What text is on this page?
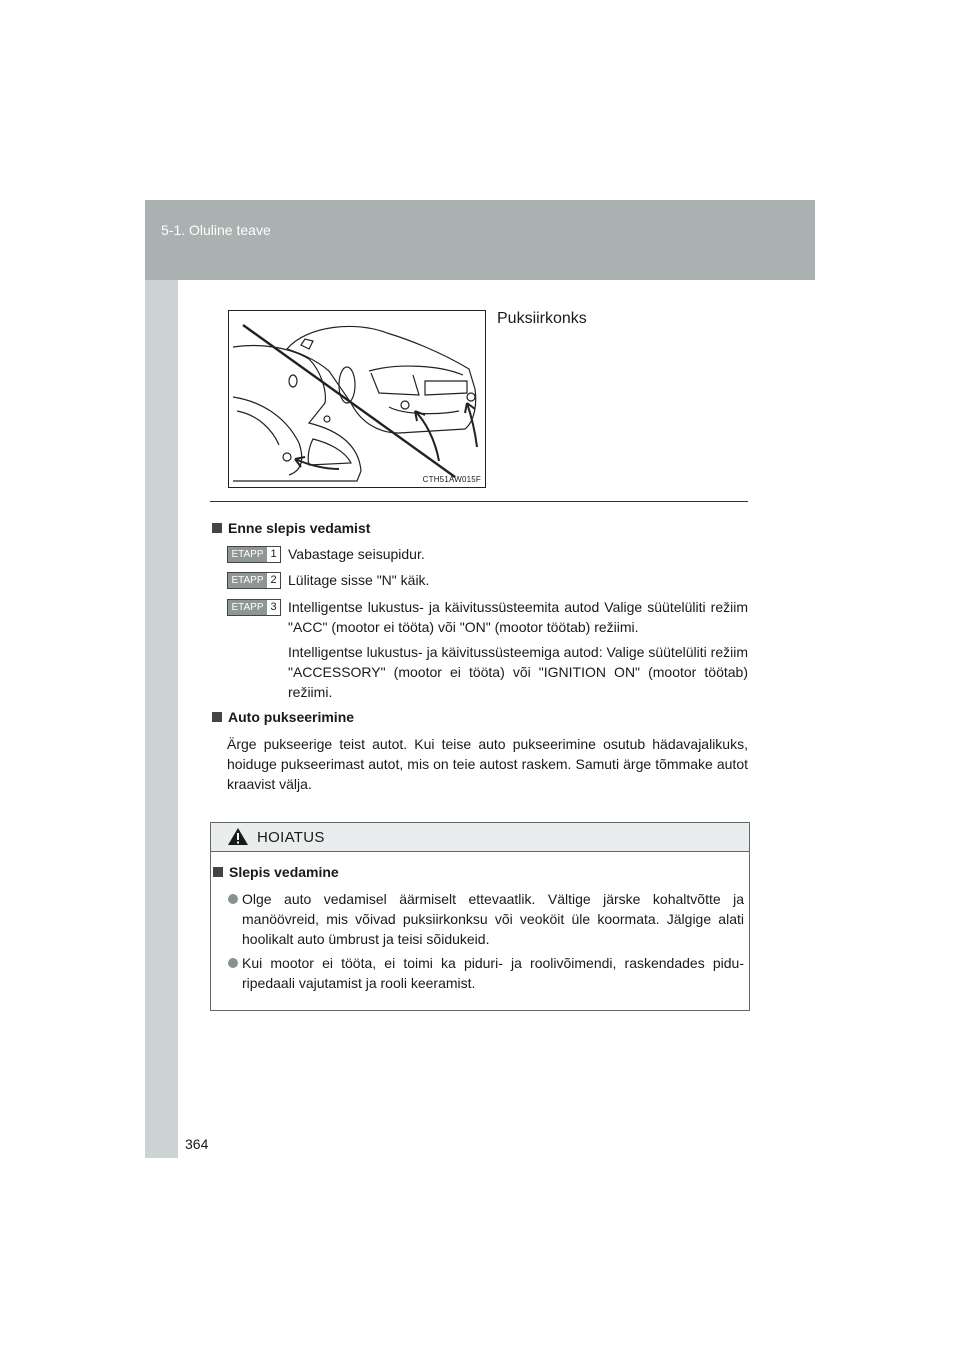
5-1. Oluline teave
364
CTH51AW015F
Puksiirkonks
Enne slepis vedamist
ETAPP 1 Vabastage seisupidur.
ETAPP 2 Lülitage sisse "N" käik.
ETAPP 3 Intelligentse lukustus- ja käivitussüsteemita autod Valige süütelüliti režiim "ACC" (mootor ei tööta) või "ON" (mootor töötab) režiimi.
Intelligentse lukustus- ja käivitussüsteemiga autod: Valige süütelüliti režiim "ACCESSORY" (mootor ei tööta) või "IGNITION ON" (mootor töötab) režiimi.
Auto pukseerimine
Ärge pukseerige teist autot. Kui teise auto pukseerimine osutub hädavajalikuks, hoiduge pukseerimast autot, mis on teie autost raskem. Samuti ärge tõmmake autot kraavist välja.
HOIATUS
Slepis vedamine
Olge auto vedamisel äärmiselt ettevaatlik. Vältige järske kohaltvõtte ja manöövreid, mis võivad puksiirkonksu või veoköit üle koormata. Jälgige alati hoolikalt auto ümbrust ja teisi sõidukeid.
Kui mootor ei tööta, ei toimi ka piduri- ja roolivõimendi, raskendades piduripedaali vajutamist ja rooli keeramist.
